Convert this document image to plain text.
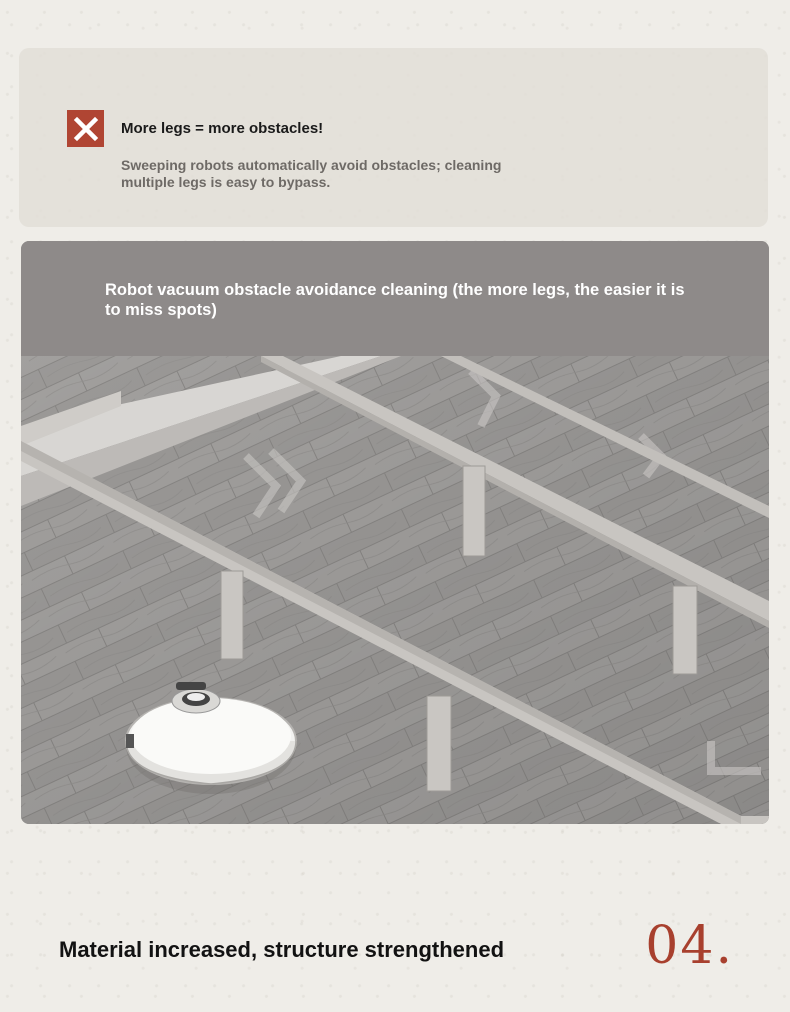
More legs = more obstacles!
Sweeping robots automatically avoid obstacles; cleaning multiple legs is easy to bypass.
Robot vacuum obstacle avoidance cleaning (the more legs, the easier it is to miss spots)
Material increased, structure strengthened	04.
